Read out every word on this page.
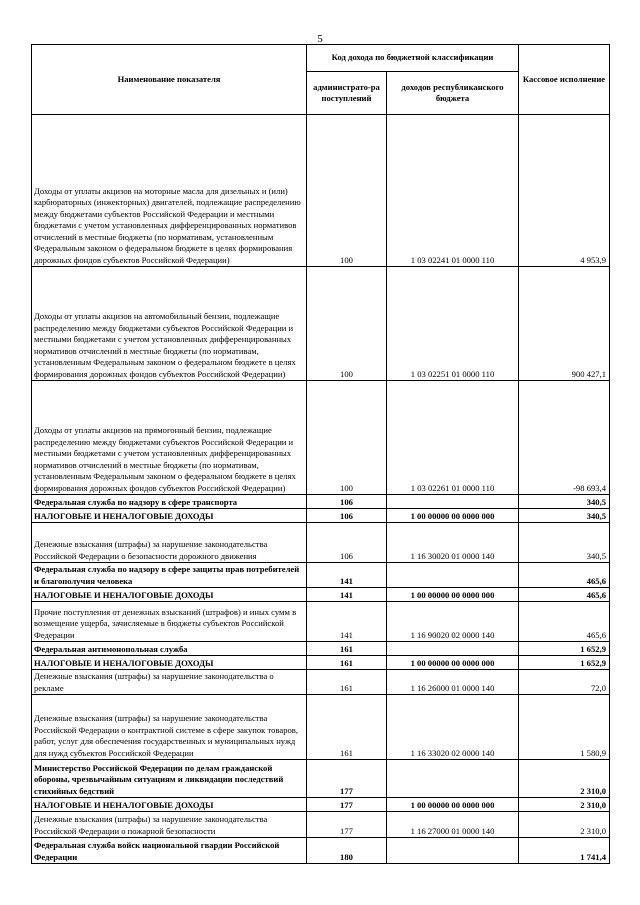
5
Наименование показателя	Код дохода по бюджетной классификации		Кассовое исполнение
	администрато-ра поступлений	доходов республиканского бюджета	
Доходы от уплаты акцизов на моторные масла для дизельных и (или) карбюраторных (инжекторных) двигателей, подлежащие распределению между бюджетами субъектов Российской Федерации и местными бюджетами с учетом установленных дифференцированных нормативов отчислений в местные бюджеты (по нормативам, установленным Федеральным законом о федеральном бюджете в целях формирования дорожных фондов субъектов Российской Федерации)	100	1 03 02241 01 0000 110	4 953,9
Доходы от уплаты акцизов на автомобильный бензин, подлежащие распределению между бюджетами субъектов Российской Федерации и местными бюджетами с учетом установленных дифференцированных нормативов отчислений в местные бюджеты (по нормативам, установленным Федеральным законом о федеральном бюджете в целях формирования дорожных фондов субъектов Российской Федерации)	100	1 03 02251 01 0000 110	900 427,1
Доходы от уплаты акцизов на прямогонный бензин, подлежащие распределению между бюджетами субъектов Российской Федерации и местными бюджетами с учетом установленных дифференцированных нормативов отчислений в местные бюджеты (по нормативам, установленным Федеральным законом о федеральном бюджете в целях формирования дорожных фондов субъектов Российской Федерации)	100	1 03 02261 01 0000 110	-98 693,4
Федеральная служба по надзору в сфере транспорта	106		340,5
НАЛОГОВЫЕ И НЕНАЛОГОВЫЕ ДОХОДЫ	106	1 00 00000 00 0000 000	340,5
Денежные взыскания (штрафы) за нарушение законодательства Российской Федерации о безопасности дорожного движения	106	1 16 30020 01 0000 140	340,5
Федеральная служба по надзору в сфере защиты прав потребителей и благополучия человека	141		465,6
НАЛОГОВЫЕ И НЕНАЛОГОВЫЕ ДОХОДЫ	141	1 00 00000 00 0000 000	465,6
Прочие поступления от денежных взысканий (штрафов) и иных сумм в возмещение ущерба, зачисляемые в бюджеты субъектов Российской Федерации	141	1 16 90020 02 0000 140	465,6
Федеральная антимонопольная служба	161		1 652,9
НАЛОГОВЫЕ И НЕНАЛОГОВЫЕ ДОХОДЫ	161	1 00 00000 00 0000 000	1 652,9
Денежные взыскания (штрафы) за нарушение законодательства о рекламе	161	1 16 26000 01 0000 140	72,0
Денежные взыскания (штрафы) за нарушение законодательства Российской Федерации о контрактной системе в сфере закупок товаров, работ, услуг для обеспечения государственных и муниципальных нужд для нужд субъектов Российской Федерации	161	1 16 33020 02 0000 140	1 580,9
Министерство Российской Федерации по делам гражданской обороны, чрезвычайным ситуациям и ликвидации последствий стихийных бедствий	177		2 310,0
НАЛОГОВЫЕ И НЕНАЛОГОВЫЕ ДОХОДЫ	177	1 00 00000 00 0000 000	2 310,0
Денежные взыскания (штрафы) за нарушение законодательства Российской Федерации о пожарной безопасности	177	1 16 27000 01 0000 140	2 310,0
Федеральная служба войск национальной гвардии Российской Федерации	180		1 741,4
